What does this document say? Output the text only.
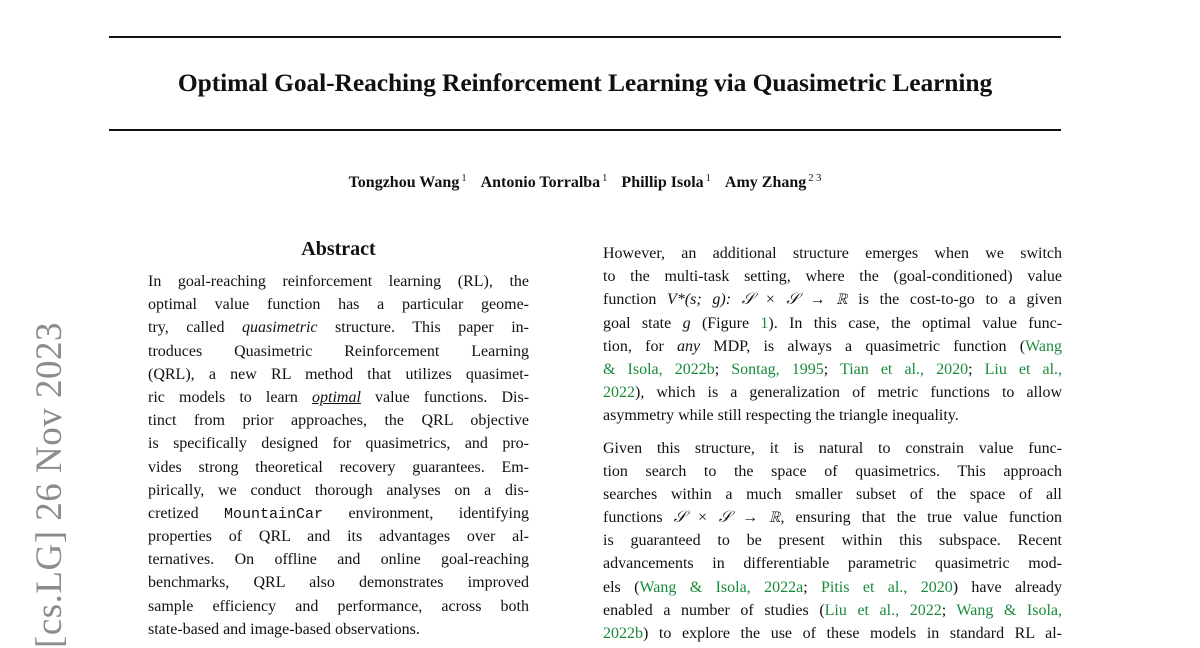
Optimal Goal-Reaching Reinforcement Learning via Quasimetric Learning
Tongzhou Wang $^1$ Antonio Torralba $^1$ Phillip Isola $^1$ Amy Zhang $^{2 3}$
[cs.LG] 26 Nov 2023
Abstract
In goal-reaching reinforcement learning (RL), the
optimal value function has a particular geome-
try, called quasimetric structure. This paper in-
troduces Quasimetric Reinforcement Learning
(QRL), a new RL method that utilizes quasimet-
ric models to learn optimal value functions. Dis-
tinct from prior approaches, the QRL objective
is specifically designed for quasimetrics, and pro-
vides strong theoretical recovery guarantees. Em-
pirically, we conduct thorough analyses on a dis-
cretized MountainCar environment, identifying
properties of QRL and its advantages over al-
ternatives. On offline and online goal-reaching
benchmarks, QRL also demonstrates improved
sample efficiency and performance, across both
state-based and image-based observations.
However, an additional structure emerges when we switch
to the multi-task setting, where the (goal-conditioned) value
function V*(s; g): 𝒮 × 𝒮 → ℝ is the cost-to-go to a given
goal state g (Figure 1). In this case, the optimal value func-
tion, for any MDP, is always a quasimetric function (Wang
& Isola, 2022b; Sontag, 1995; Tian et al., 2020; Liu et al.,
2022), which is a generalization of metric functions to allow
asymmetry while still respecting the triangle inequality.
Given this structure, it is natural to constrain value func-
tion search to the space of quasimetrics. This approach
searches within a much smaller subset of the space of all
functions 𝒮 × 𝒮 → ℝ, ensuring that the true value function
is guaranteed to be present within this subspace. Recent
advancements in differentiable parametric quasimetric mod-
els (Wang & Isola, 2022a; Pitis et al., 2020) have already
enabled a number of studies (Liu et al., 2022; Wang & Isola,
2022b) to explore the use of these models in standard RL al-
